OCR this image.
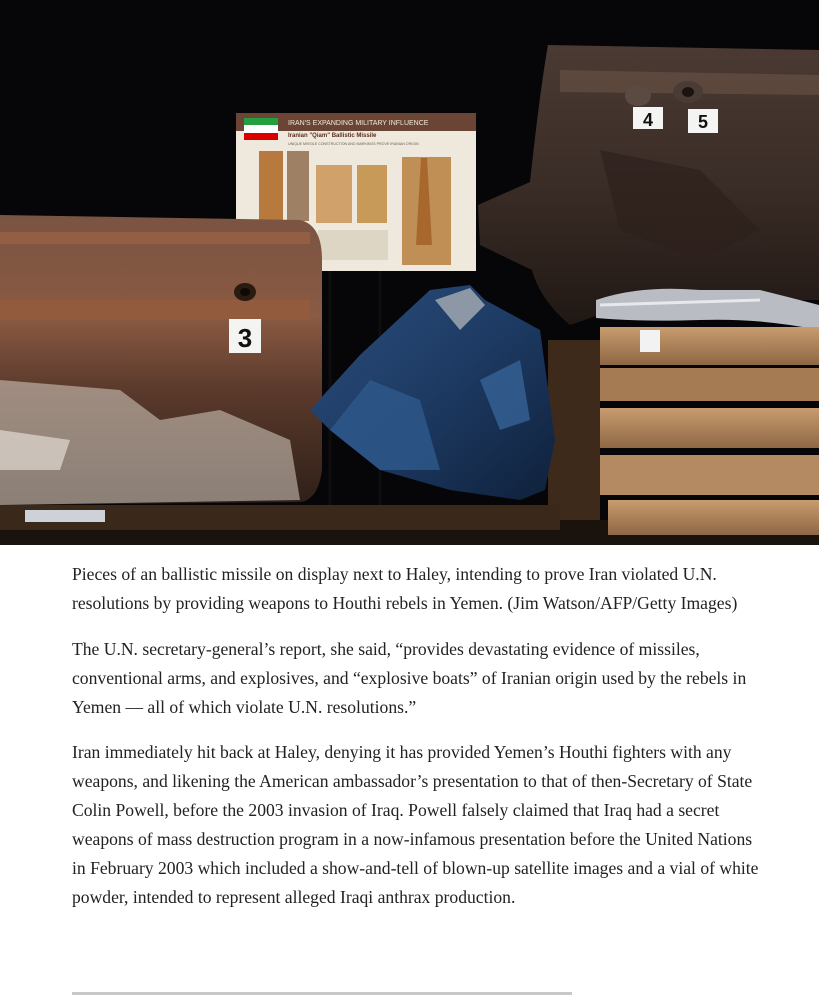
IRAN'S EXPANDING MILITARY INFLUENCE
Iranian "Qiam" Ballistic Missile
UNIQUE MISSILE CONSTRUCTION AND MARKINGS PROVE IRANIAN ORIGIN
3
4 5

Pieces of an ballistic missile on display next to Haley, intending to prove Iran violated U.N. resolutions by providing weapons to Houthi rebels in Yemen. (Jim Watson/AFP/Getty Images)

The U.N. secretary-general’s report, she said, “provides devastating evidence of missiles, conventional arms, and explosives, and “explosive boats” of Iranian origin used by the rebels in Yemen — all of which violate U.N. resolutions.”

Iran immediately hit back at Haley, denying it has provided Yemen’s Houthi fighters with any weapons, and likening the American ambassador’s presentation to that of then-Secretary of State Colin Powell, before the 2003 invasion of Iraq. Powell falsely claimed that Iraq had a secret weapons of mass destruction program in a now-infamous presentation before the United Nations in February 2003 which included a show-and-tell of blown-up satellite images and a vial of white powder, intended to represent alleged Iraqi anthrax production.
